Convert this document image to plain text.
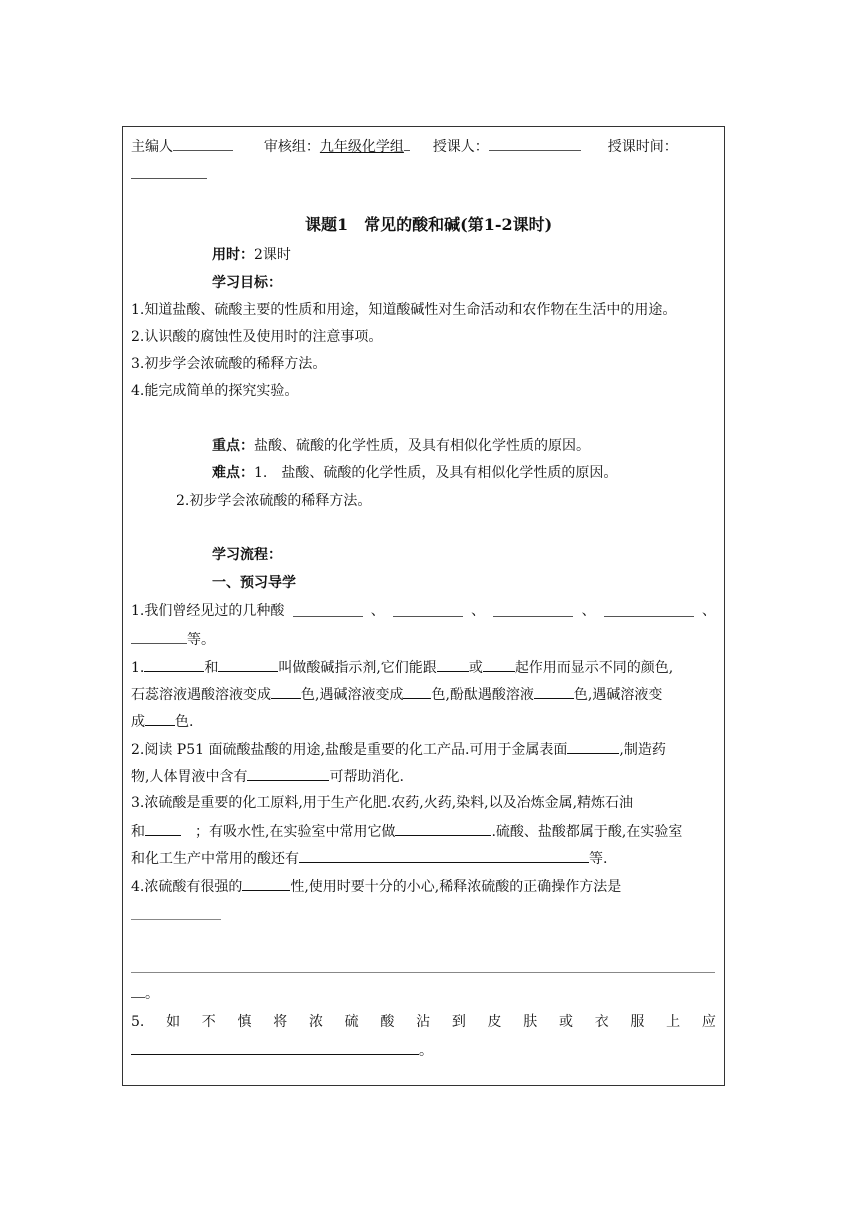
主编人	审核组：九年级化学组 授课人：	授课时间：
课题1　常见的酸和碱(第1-2课时)
用时：2课时
学习目标：
1.知道盐酸、硫酸主要的性质和用途，知道酸碱性对生命活动和农作物在生活中的用途。
2.认识酸的腐蚀性及使用时的注意事项。
3.初步学会浓硫酸的稀释方法。
4.能完成简单的探究实验。
重点：盐酸、硫酸的化学性质，及具有相似化学性质的原因。
难点：1.　盐酸、硫酸的化学性质，及具有相似化学性质的原因。
2.初步学会浓硫酸的稀释方法。
学习流程：
一、预习导学
1.我们曾经见过的几种酸	、	、	、	、
等。
1.	和	叫做酸碱指示剂,它们能跟 或 起作用而显示不同的颜色,
石蕊溶液遇酸溶液变成 色,遇碱溶液变成 色,酚酞遇酸溶液	色,遇碱溶液变
成 色.
2.阅读 P51 面硫酸盐酸的用途,盐酸是重要的化工产品.可用于金属表面	,制造药
物,人体胃液中含有	可帮助消化.
3.浓硫酸是重要的化工原料,用于生产化肥.农药,火药,染料,以及冶炼金属,精炼石油
和　	；有吸水性,在实验室中常用它做	.硫酸、盐酸都属于酸,在实验室
和化工生产中常用的酸还有	等.
4.浓硫酸有很强的	性,使用时要十分的小心,稀释浓硫酸的正确操作方法是
。
5. 如 不 慎 将 浓 硫 酸 沾 到 皮 肤 或 衣 服 上 应
。
